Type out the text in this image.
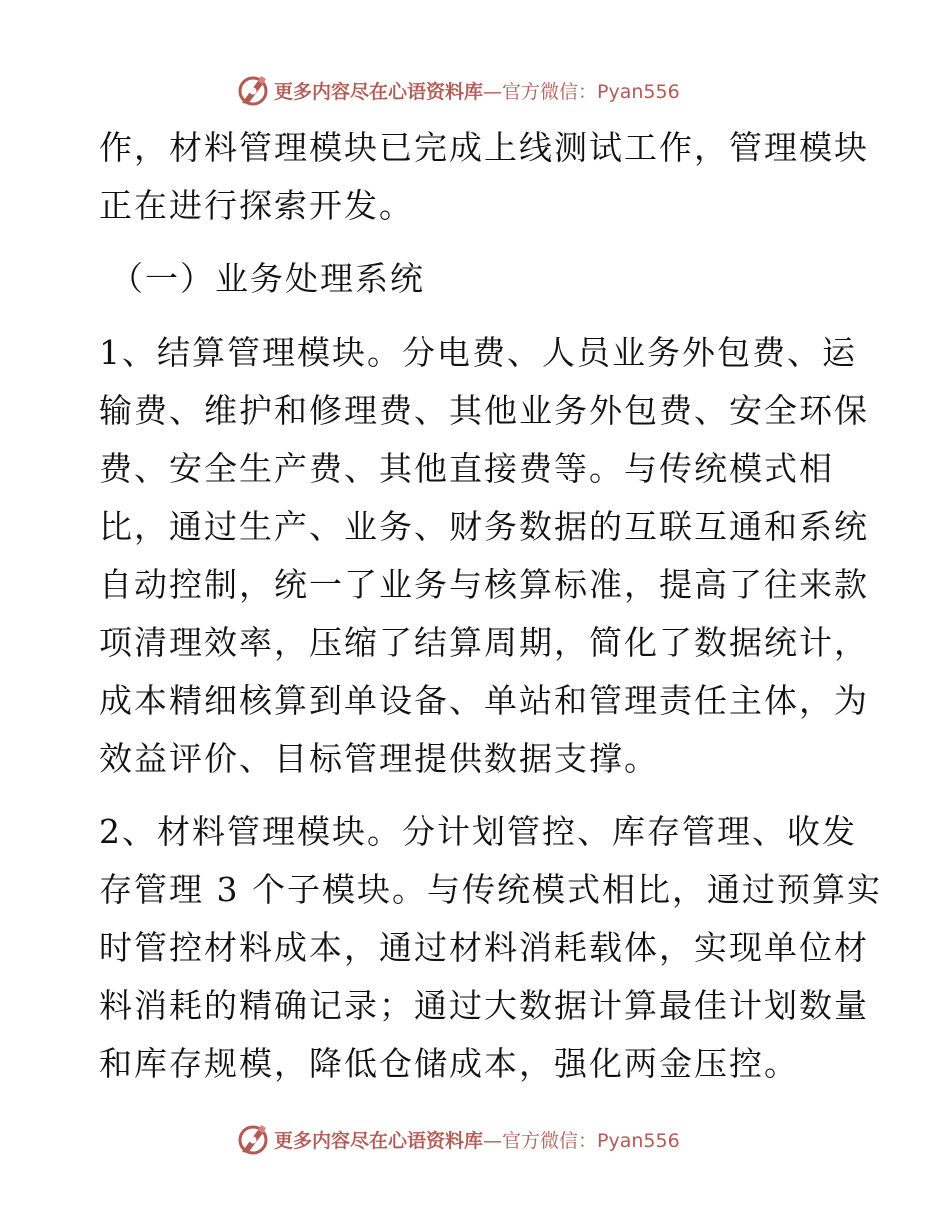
更多内容尽在心语资料库 —官方微信：Pyan556
作，材料管理模块已完成上线测试工作，管理模块
正在进行探索开发。
（一）业务处理系统
1、结算管理模块。分电费、人员业务外包费、运
输费、维护和修理费、其他业务外包费、安全环保
费、安全生产费、其他直接费等。与传统模式相
比，通过生产、业务、财务数据的互联互通和系统
自动控制，统一了业务与核算标准，提高了往来款
项清理效率，压缩了结算周期，简化了数据统计，
成本精细核算到单设备、单站和管理责任主体，为
效益评价、目标管理提供数据支撑。
2、材料管理模块。分计划管控、库存管理、收发
存管理 3 个子模块。与传统模式相比，通过预算实
时管控材料成本，通过材料消耗载体，实现单位材
料消耗的精确记录；通过大数据计算最佳计划数量
和库存规模，降低仓储成本，强化两金压控。
更多内容尽在心语资料库 —官方微信：Pyan556
